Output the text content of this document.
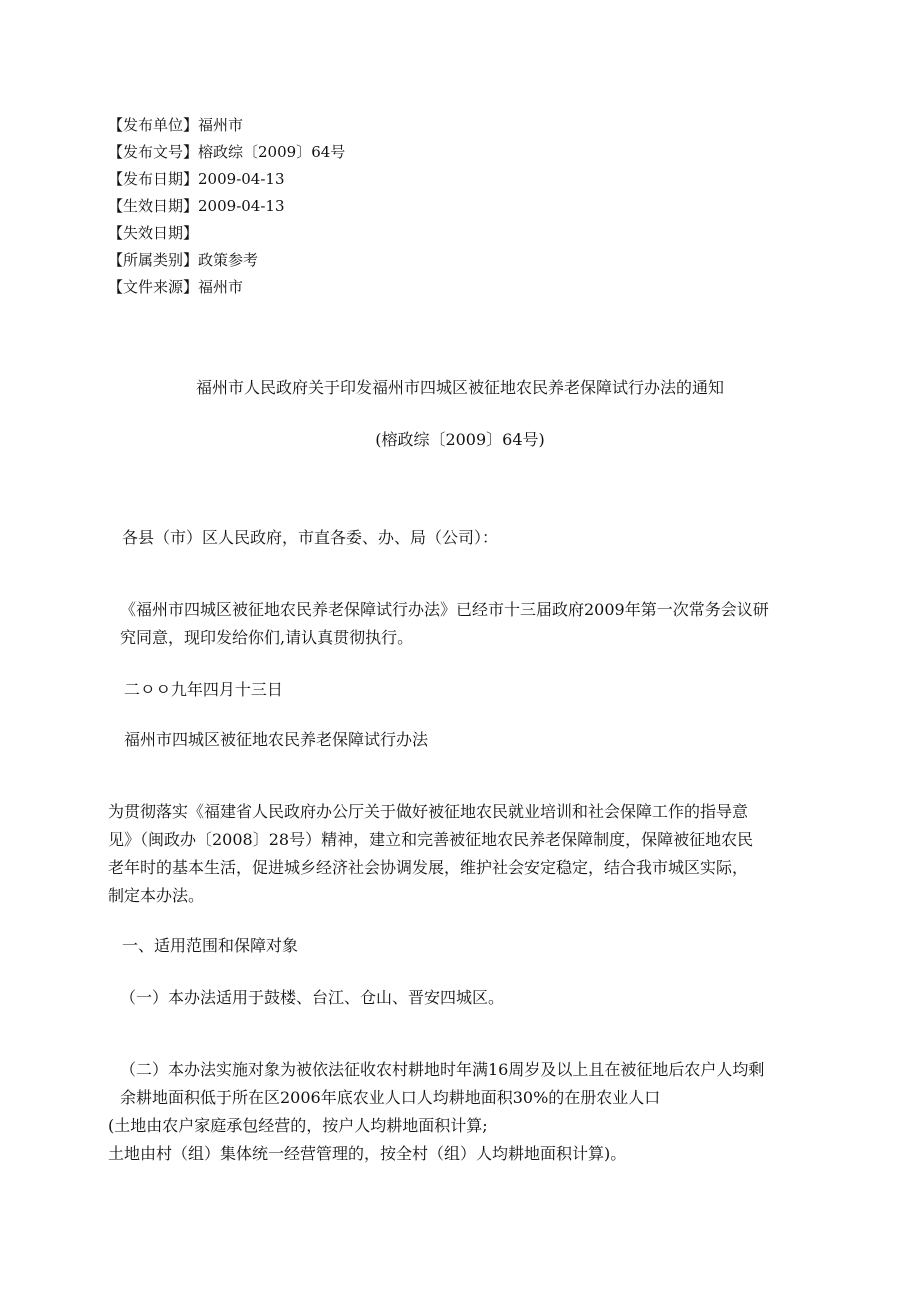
【发布单位】福州市
【发布文号】榕政综〔2009〕64号
【发布日期】2009-04-13
【生效日期】2009-04-13
【失效日期】
【所属类别】政策参考
【文件来源】福州市
福州市人民政府关于印发福州市四城区被征地农民养老保障试行办法的通知
(榕政综〔2009〕64号)
各县（市）区人民政府，市直各委、办、局（公司）：
《福州市四城区被征地农民养老保障试行办法》已经市十三届政府2009年第一次常务会议研
究同意，现印发给你们,请认真贯彻执行。
二ㅇㅇ九年四月十三日
福州市四城区被征地农民养老保障试行办法
为贯彻落实《福建省人民政府办公厅关于做好被征地农民就业培训和社会保障工作的指导意
见》（闽政办〔2008〕28号）精神，建立和完善被征地农民养老保障制度，保障被征地农民
老年时的基本生活，促进城乡经济社会协调发展，维护社会安定稳定，结合我市城区实际，
制定本办法。
一、适用范围和保障对象
（一）本办法适用于鼓楼、台江、仓山、晋安四城区。
（二）本办法实施对象为被依法征收农村耕地时年满16周岁及以上且在被征地后农户人均剩
余耕地面积低于所在区2006年底农业人口人均耕地面积30%的在册农业人口
(土地由农户家庭承包经营的，按户人均耕地面积计算;
土地由村（组）集体统一经营管理的，按全村（组）人均耕地面积计算)。
